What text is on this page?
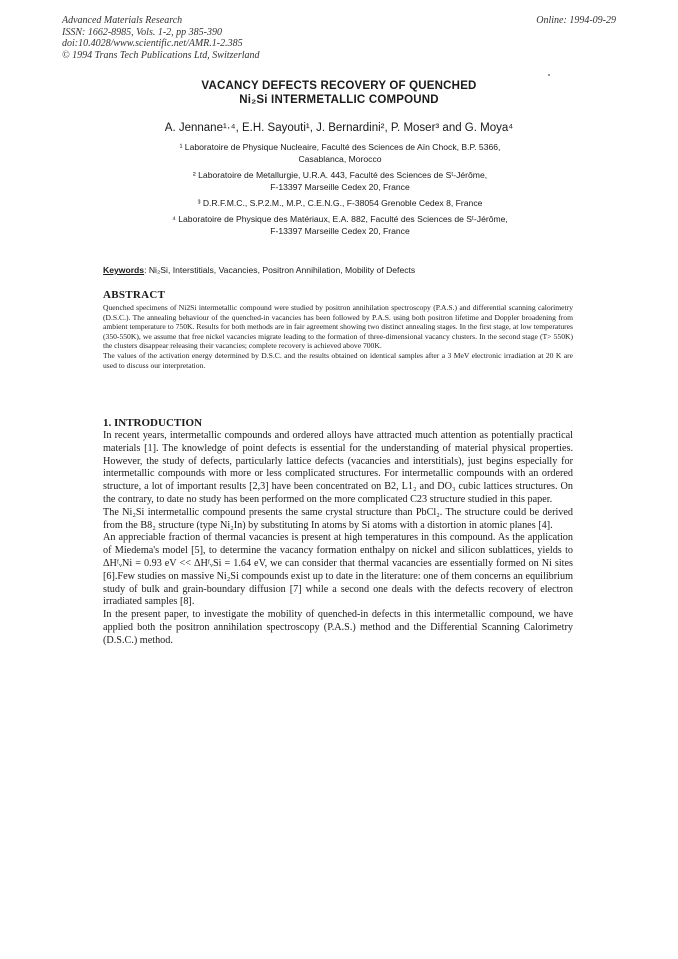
Advanced Materials Research
ISSN: 1662-8985, Vols. 1-2, pp 385-390
doi:10.4028/www.scientific.net/AMR.1-2.385
© 1994 Trans Tech Publications Ltd, Switzerland
Online: 1994-09-29
VACANCY DEFECTS RECOVERY OF QUENCHED
Ni₂Si INTERMETALLIC COMPOUND
A. Jennane¹·⁴, E.H. Sayouti¹, J. Bernardini², P. Moser³ and G. Moya⁴
¹ Laboratoire de Physique Nucleaire, Faculté des Sciences de Aïn Chock, B.P. 5366,
Casablanca, Morocco
² Laboratoire de Metallurgie, U.R.A. 443, Faculté des Sciences de Sᵗ-Jérôme,
F-13397 Marseille Cedex 20, France
³ D.R.F.M.C., S.P.2.M., M.P., C.E.N.G., F-38054 Grenoble Cedex 8, France
⁴ Laboratoire de Physique des Matériaux, E.A. 882, Faculté des Sciences de Sᵗ-Jérôme,
F-13397 Marseille Cedex 20, France
Keywords: Ni₂Si, Interstitials, Vacancies, Positron Annihilation, Mobility of Defects
ABSTRACT

Quenched specimens of Ni2Si intermetallic compound were studied by positron annihilation spectroscopy (P.A.S.) and differential scanning calorimetry (D.S.C.). The annealing behaviour of the quenched-in vacancies has been followed by P.A.S. using both positron lifetime and Doppler broadening from ambient temperature to 750K. Results for both methods are in fair agreement showing two distinct annealing stages. In the first stage, at low temperatures (350-550K), we assume that free nickel vacancies migrate leading to the formation of three-dimensional vacancy clusters. In the second stage (T> 550K) the clusters disappear releasing their vacancies; complete recovery is achieved above 700K.

The values of the activation energy determined by D.S.C. and the results obtained on identical samples after a 3 MeV electronic irradiation at 20 K are used to discuss our interpretation.

1. INTRODUCTION

In recent years, intermetallic compounds and ordered alloys have attracted much attention as potentially practical materials [1]. The knowledge of point defects is essential for the understanding of material physical properties. However, the study of defects, particularly lattice defects (vacancies and interstitials), just begins especially for intermetallic compounds with more or less complicated structures. For intermetallic compounds with an ordered structure, a lot of important results [2,3] have been concentrated on B2, L1₂ and DO₃ cubic lattices structures. On the contrary, to date no study has been performed on the more complicated C23 structure studied in this paper.

The Ni₂Si intermetallic compound presents the same crystal structure than PbCl₂. The structure could be derived from the B8₂ structure (type Ni₂In) by substituting In atoms by Si atoms with a distortion in atomic planes [4].

An appreciable fraction of thermal vacancies is present at high temperatures in this compound. As the application of Miedema's model [5], to determine the vacancy formation enthalpy on nickel and silicon sublattices, yields to ΔHᶠᵥNi = 0.93 eV << ΔHᶠᵥSi = 1.64 eV, we can consider that thermal vacancies are essentially formed on Ni sites [6].Few studies on massive Ni₂Si compounds exist up to date in the literature: one of them concerns an equilibrium study of bulk and grain-boundary diffusion [7] while a second one deals with the defects recovery of electron irradiated samples [8].

In the present paper, to investigate the mobility of quenched-in defects in this intermetallic compound, we have applied both the positron annihilation spectroscopy (P.A.S.) method and the Differential Scanning Calorimetry (D.S.C.) method.
